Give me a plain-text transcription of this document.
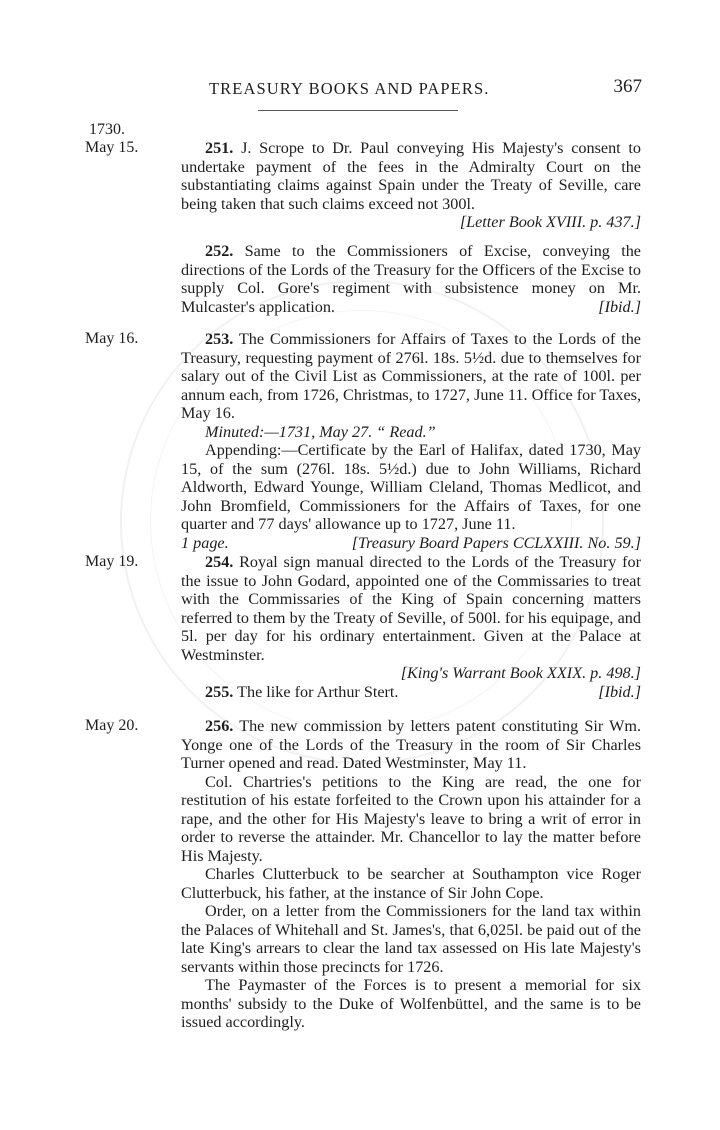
TREASURY BOOKS AND PAPERS.	367
1730.
May 15.	251. J. Scrope to Dr. Paul conveying His Majesty's consent to undertake payment of the fees in the Admiralty Court on the substantiating claims against Spain under the Treaty of Seville, care being taken that such claims exceed not 300l.

[Letter Book XVIII. p. 437.]

252. Same to the Commissioners of Excise, conveying the directions of the Lords of the Treasury for the Officers of the Excise to supply Col. Gore's regiment with subsistence money on Mr. Mulcaster's application.	[Ibid.]

May 16.	253. The Commissioners for Affairs of Taxes to the Lords of the Treasury, requesting payment of 276l. 18s. 5½d. due to themselves for salary out of the Civil List as Commissioners, at the rate of 100l. per annum each, from 1726, Christmas, to 1727, June 11. Office for Taxes, May 16.

Minuted:—1731, May 27. “ Read.”

Appending:—Certificate by the Earl of Halifax, dated 1730, May 15, of the sum (276l. 18s. 5½d.) due to John Williams, Richard Aldworth, Edward Younge, William Cleland, Thomas Medlicot, and John Bromfield, Commissioners for the Affairs of Taxes, for one quarter and 77 days' allowance up to 1727, June 11.

1 page.	[Treasury Board Papers CCLXXIII. No. 59.]

May 19.	254. Royal sign manual directed to the Lords of the Treasury for the issue to John Godard, appointed one of the Commissaries to treat with the Commissaries of the King of Spain concerning matters referred to them by the Treaty of Seville, of 500l. for his equipage, and 5l. per day for his ordinary entertainment. Given at the Palace at Westminster.

[King's Warrant Book XXIX. p. 498.]

255. The like for Arthur Stert.	[Ibid.]

May 20.	256. The new commission by letters patent constituting Sir Wm. Yonge one of the Lords of the Treasury in the room of Sir Charles Turner opened and read. Dated Westminster, May 11.

Col. Chartries's petitions to the King are read, the one for restitution of his estate forfeited to the Crown upon his attainder for a rape, and the other for His Majesty's leave to bring a writ of error in order to reverse the attainder. Mr. Chancellor to lay the matter before His Majesty.

Charles Clutterbuck to be searcher at Southampton vice Roger Clutterbuck, his father, at the instance of Sir John Cope.

Order, on a letter from the Commissioners for the land tax within the Palaces of Whitehall and St. James's, that 6,025l. be paid out of the late King's arrears to clear the land tax assessed on His late Majesty's servants within those precincts for 1726.

The Paymaster of the Forces is to present a memorial for six months' subsidy to the Duke of Wolfenbüttel, and the same is to be issued accordingly.
